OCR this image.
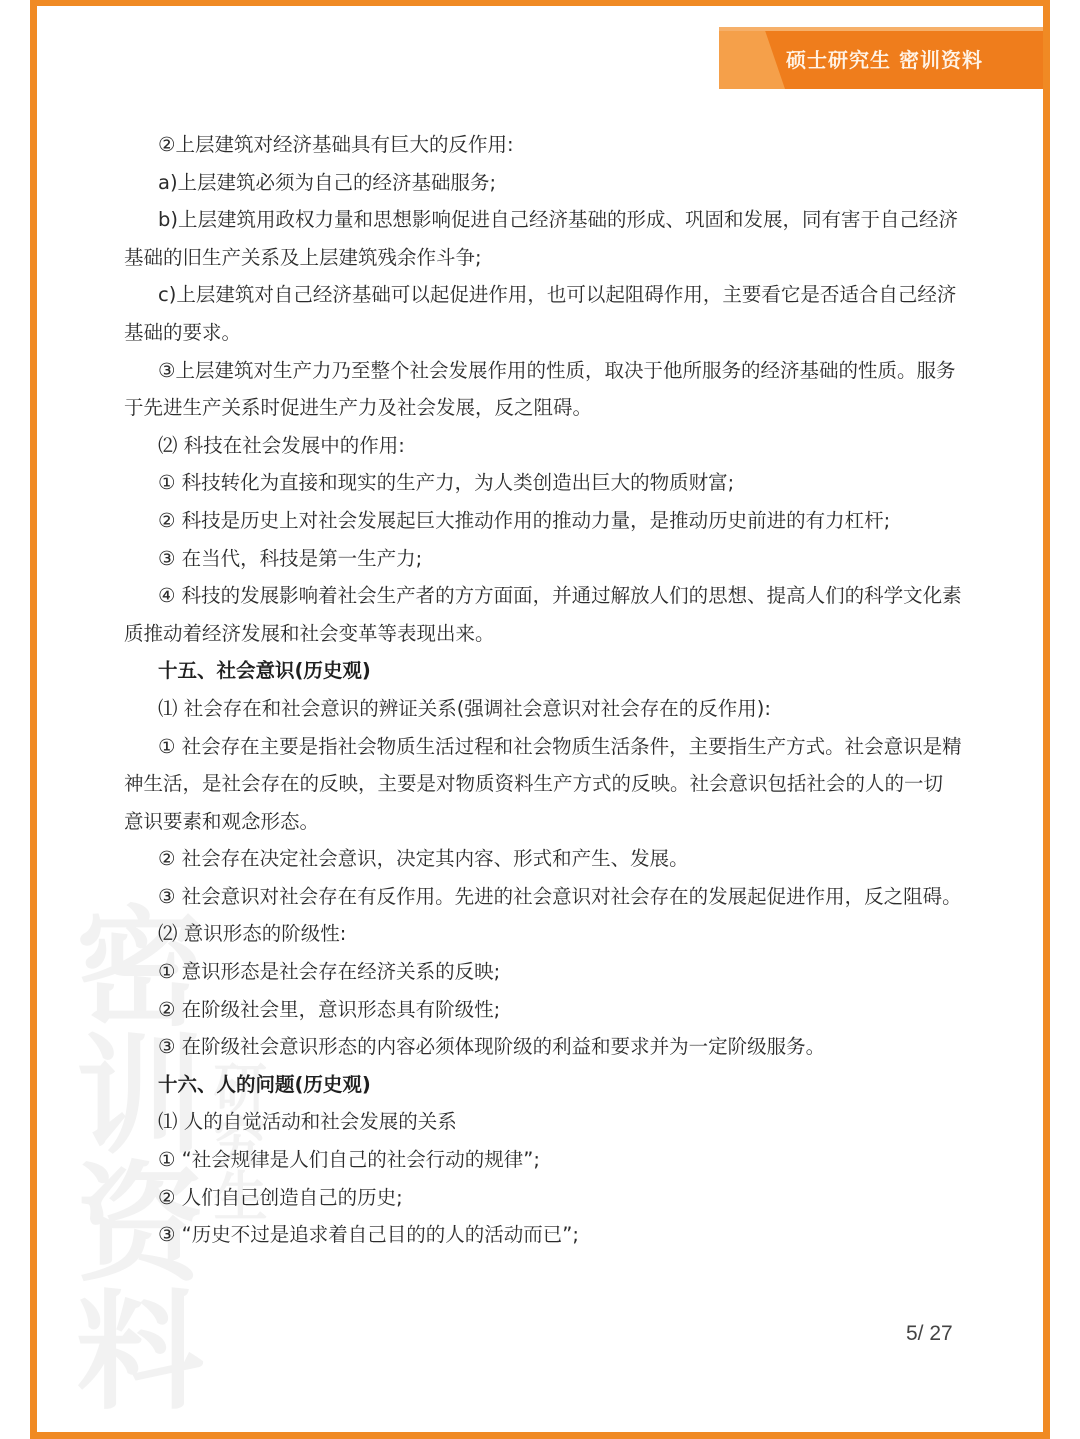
硕士研究生 密训资料

②上层建筑对经济基础具有巨大的反作用:

a)上层建筑必须为自己的经济基础服务;

b)上层建筑用政权力量和思想影响促进自己经济基础的形成、巩固和发展，同有害于自己经济基础的旧生产关系及上层建筑残余作斗争;

c)上层建筑对自己经济基础可以起促进作用，也可以起阻碍作用，主要看它是否适合自己经济基础的要求。

③上层建筑对生产力乃至整个社会发展作用的性质，取决于他所服务的经济基础的性质。服务于先进生产关系时促进生产力及社会发展，反之阻碍。

⑵ 科技在社会发展中的作用:

① 科技转化为直接和现实的生产力，为人类创造出巨大的物质财富;

② 科技是历史上对社会发展起巨大推动作用的推动力量，是推动历史前进的有力杠杆;

③ 在当代，科技是第一生产力;

④ 科技的发展影响着社会生产者的方方面面，并通过解放人们的思想、提高人们的科学文化素质推动着经济发展和社会变革等表现出来。

十五、社会意识(历史观)

⑴ 社会存在和社会意识的辨证关系(强调社会意识对社会存在的反作用):

① 社会存在主要是指社会物质生活过程和社会物质生活条件，主要指生产方式。社会意识是精神生活，是社会存在的反映，主要是对物质资料生产方式的反映。社会意识包括社会的人的一切意识要素和观念形态。

② 社会存在决定社会意识，决定其内容、形式和产生、发展。

③ 社会意识对社会存在有反作用。先进的社会意识对社会存在的发展起促进作用，反之阻碍。

⑵ 意识形态的阶级性:

① 意识形态是社会存在经济关系的反映;

② 在阶级社会里，意识形态具有阶级性;

③ 在阶级社会意识形态的内容必须体现阶级的利益和要求并为一定阶级服务。

十六、人的问题(历史观)

⑴ 人的自觉活动和社会发展的关系

① “社会规律是人们自己的社会行动的规律”;

② 人们自己创造自己的历史;

③ “历史不过是追求着自己目的的人的活动而已”;

5/ 27
